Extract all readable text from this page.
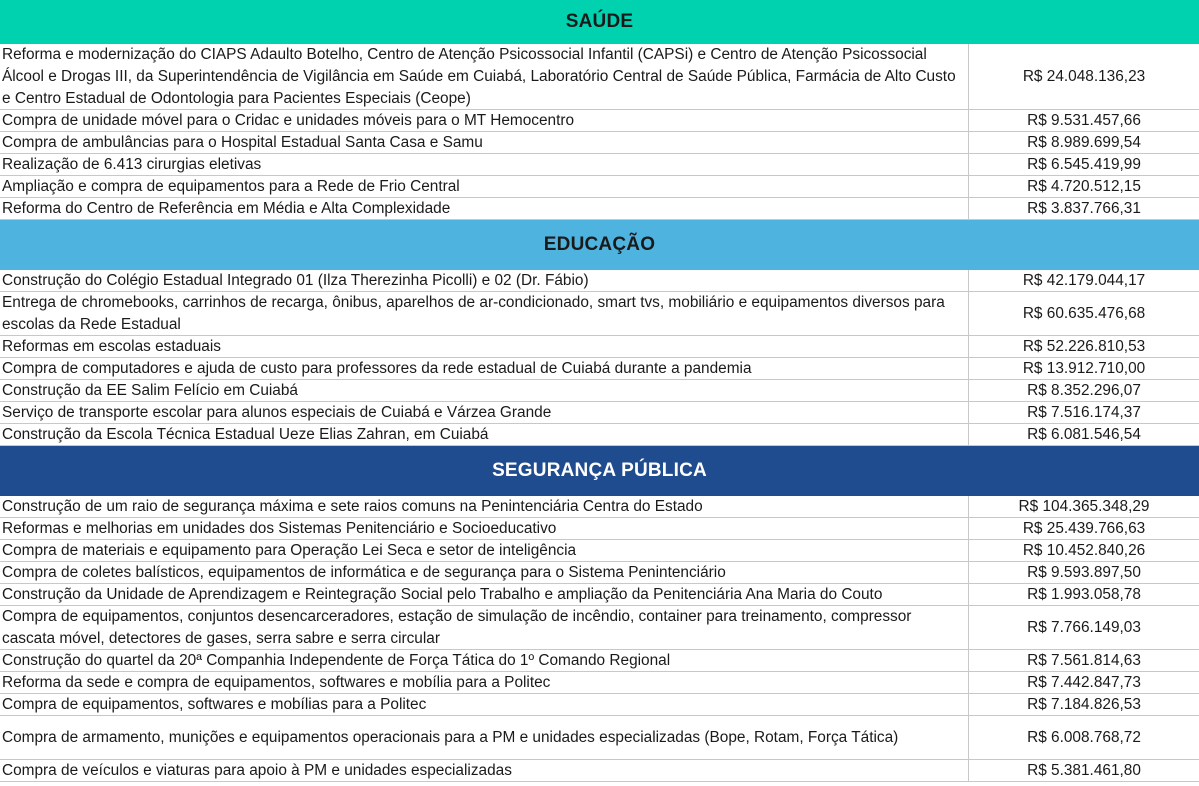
SAÚDE
Reforma e modernização do CIAPS Adaulto Botelho, Centro de Atenção Psicossocial Infantil (CAPSi) e Centro de Atenção Psicossocial Álcool e Drogas III, da Superintendência de Vigilância em Saúde em Cuiabá, Laboratório Central de Saúde Pública, Farmácia de Alto Custo e Centro Estadual de Odontologia para Pacientes Especiais (Ceope)
R$ 24.048.136,23
Compra de unidade móvel para o Cridac e unidades móveis para o MT Hemocentro	R$ 9.531.457,66
Compra de ambulâncias para o Hospital Estadual Santa Casa e Samu	R$ 8.989.699,54
Realização de 6.413 cirurgias eletivas	R$ 6.545.419,99
Ampliação e compra de equipamentos para a Rede de Frio Central	R$ 4.720.512,15
Reforma do Centro de Referência em Média e Alta Complexidade	R$ 3.837.766,31
EDUCAÇÃO
Construção do Colégio Estadual Integrado 01 (Ilza Therezinha Picolli) e 02 (Dr. Fábio)	R$ 42.179.044,17
Entrega de chromebooks, carrinhos de recarga, ônibus, aparelhos de ar-condicionado, smart tvs, mobiliário e equipamentos diversos para escolas da Rede Estadual
R$ 60.635.476,68
Reformas em escolas estaduais	R$ 52.226.810,53
Compra de computadores e ajuda de custo para professores da rede estadual de Cuiabá durante a pandemia	R$ 13.912.710,00
Construção da EE Salim Felício em Cuiabá	R$ 8.352.296,07
Serviço de transporte escolar para alunos especiais de Cuiabá e Várzea Grande	R$ 7.516.174,37
Construção da Escola Técnica Estadual Ueze Elias Zahran, em Cuiabá	R$ 6.081.546,54
SEGURANÇA PÚBLICA
Construção de um raio de segurança máxima e sete raios comuns na Penintenciária Centra do Estado	R$ 104.365.348,29
Reformas e melhorias em unidades dos Sistemas Penitenciário e Socioeducativo	R$ 25.439.766,63
Compra de materiais e equipamento para Operação Lei Seca e setor de inteligência	R$ 10.452.840,26
Compra de coletes balísticos, equipamentos de informática e de segurança para o Sistema Penintenciário	R$ 9.593.897,50
Construção da Unidade de Aprendizagem e Reintegração Social pelo Trabalho e ampliação da Penitenciária Ana Maria do Couto	R$ 1.993.058,78
Compra de equipamentos, conjuntos desencarceradores, estação de simulação de incêndio, container para treinamento, compressor cascata móvel, detectores de gases, serra sabre e serra circular
R$ 7.766.149,03
Construção do quartel da 20ª Companhia Independente de Força Tática do 1º Comando Regional	R$ 7.561.814,63
Reforma da sede e compra de equipamentos, softwares e mobília para a Politec	R$ 7.442.847,73
Compra de equipamentos, softwares e mobílias para a Politec	R$ 7.184.826,53
Compra de armamento, munições e equipamentos operacionais para a PM e unidades especializadas (Bope, Rotam, Força Tática)	R$ 6.008.768,72
Compra de veículos e viaturas para apoio à PM e unidades especializadas	R$ 5.381.461,80
